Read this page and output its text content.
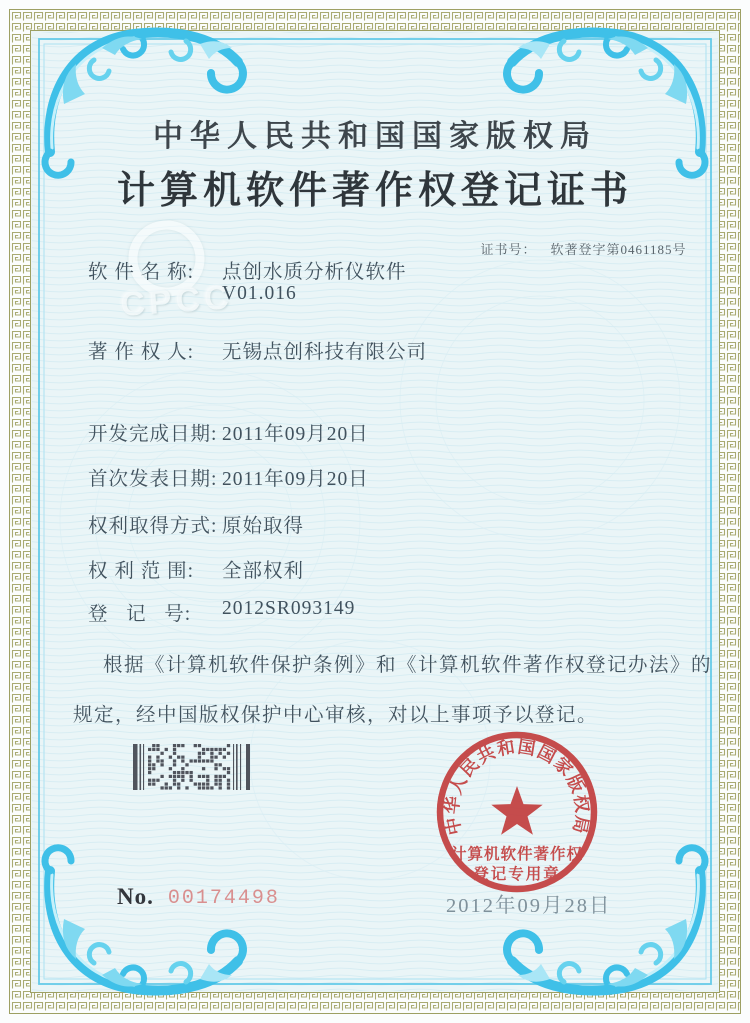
CPCC
中华人民共和国国家版权局
计算机软件著作权登记证书

证书号： 软著登字第0461185号

软 件 名 称: 点创水质分析仪软件
V01.016
著 作 权 人: 无锡点创科技有限公司
开发完成日期: 2011年09月20日
首次发表日期: 2011年09月20日
权利取得方式: 原始取得
权 利 范 围: 全部权利
登   记   号: 2012SR093149
根据《计算机软件保护条例》和《计算机软件著作权登记办法》的
规定，经中国版权保护中心审核，对以上事项予以登记。
No. 00174498	2012年09月28日
中华人民共和国国家版权局
计算机软件著作权
登记专用章
